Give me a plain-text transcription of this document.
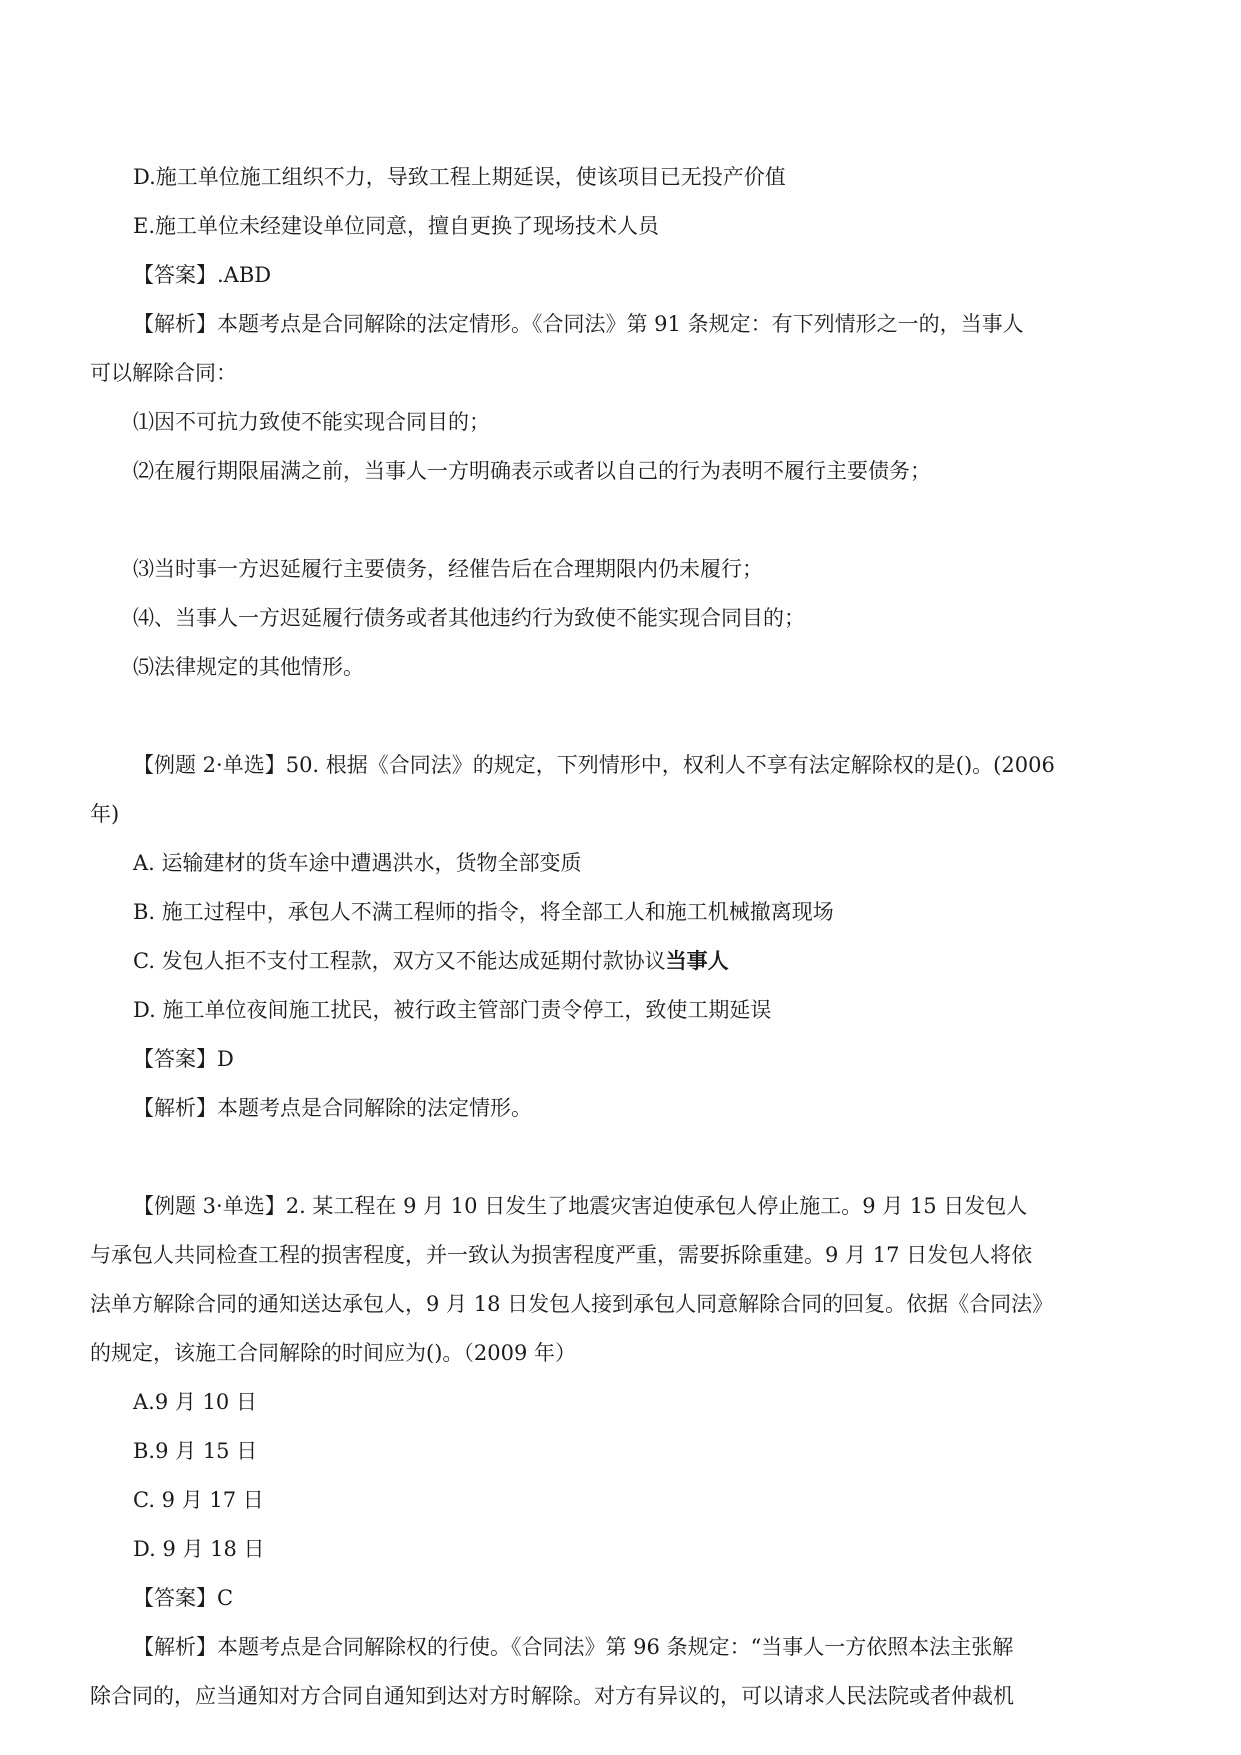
D.施工单位施工组织不力，导致工程上期延误，使该项目已无投产价值
E.施工单位未经建设单位同意，擅自更换了现场技术人员
【答案】.ABD
【解析】本题考点是合同解除的法定情形。《合同法》第 91 条规定：有下列情形之一的，当事人
可以解除合同：
⑴因不可抗力致使不能实现合同目的；
⑵在履行期限届满之前，当事人一方明确表示或者以自己的行为表明不履行主要债务；
⑶当时事一方迟延履行主要债务，经催告后在合理期限内仍未履行；
⑷、当事人一方迟延履行债务或者其他违约行为致使不能实现合同目的；
⑸法律规定的其他情形。
【例题 2·单选】50. 根据《合同法》的规定，下列情形中，权利人不享有法定解除权的是()。(2006
年)
A. 运输建材的货车途中遭遇洪水，货物全部变质
B. 施工过程中，承包人不满工程师的指令，将全部工人和施工机械撤离现场
C. 发包人拒不支付工程款，双方又不能达成延期付款协议当事人
D. 施工单位夜间施工扰民，被行政主管部门责令停工，致使工期延误
【答案】D
【解析】本题考点是合同解除的法定情形。
【例题 3·单选】2. 某工程在 9 月 10 日发生了地震灾害迫使承包人停止施工。9 月 15 日发包人
与承包人共同检查工程的损害程度，并一致认为损害程度严重，需要拆除重建。9 月 17 日发包人将依
法单方解除合同的通知送达承包人，9 月 18 日发包人接到承包人同意解除合同的回复。依据《合同法》
的规定，该施工合同解除的时间应为()。（2009 年）
A.9 月 10 日
B.9 月 15 日
C. 9 月 17 日
D. 9 月 18 日
【答案】C
【解析】本题考点是合同解除权的行使。《合同法》第 96 条规定：“当事人一方依照本法主张解
除合同的，应当通知对方合同自通知到达对方时解除。对方有异议的，可以请求人民法院或者仲裁机
